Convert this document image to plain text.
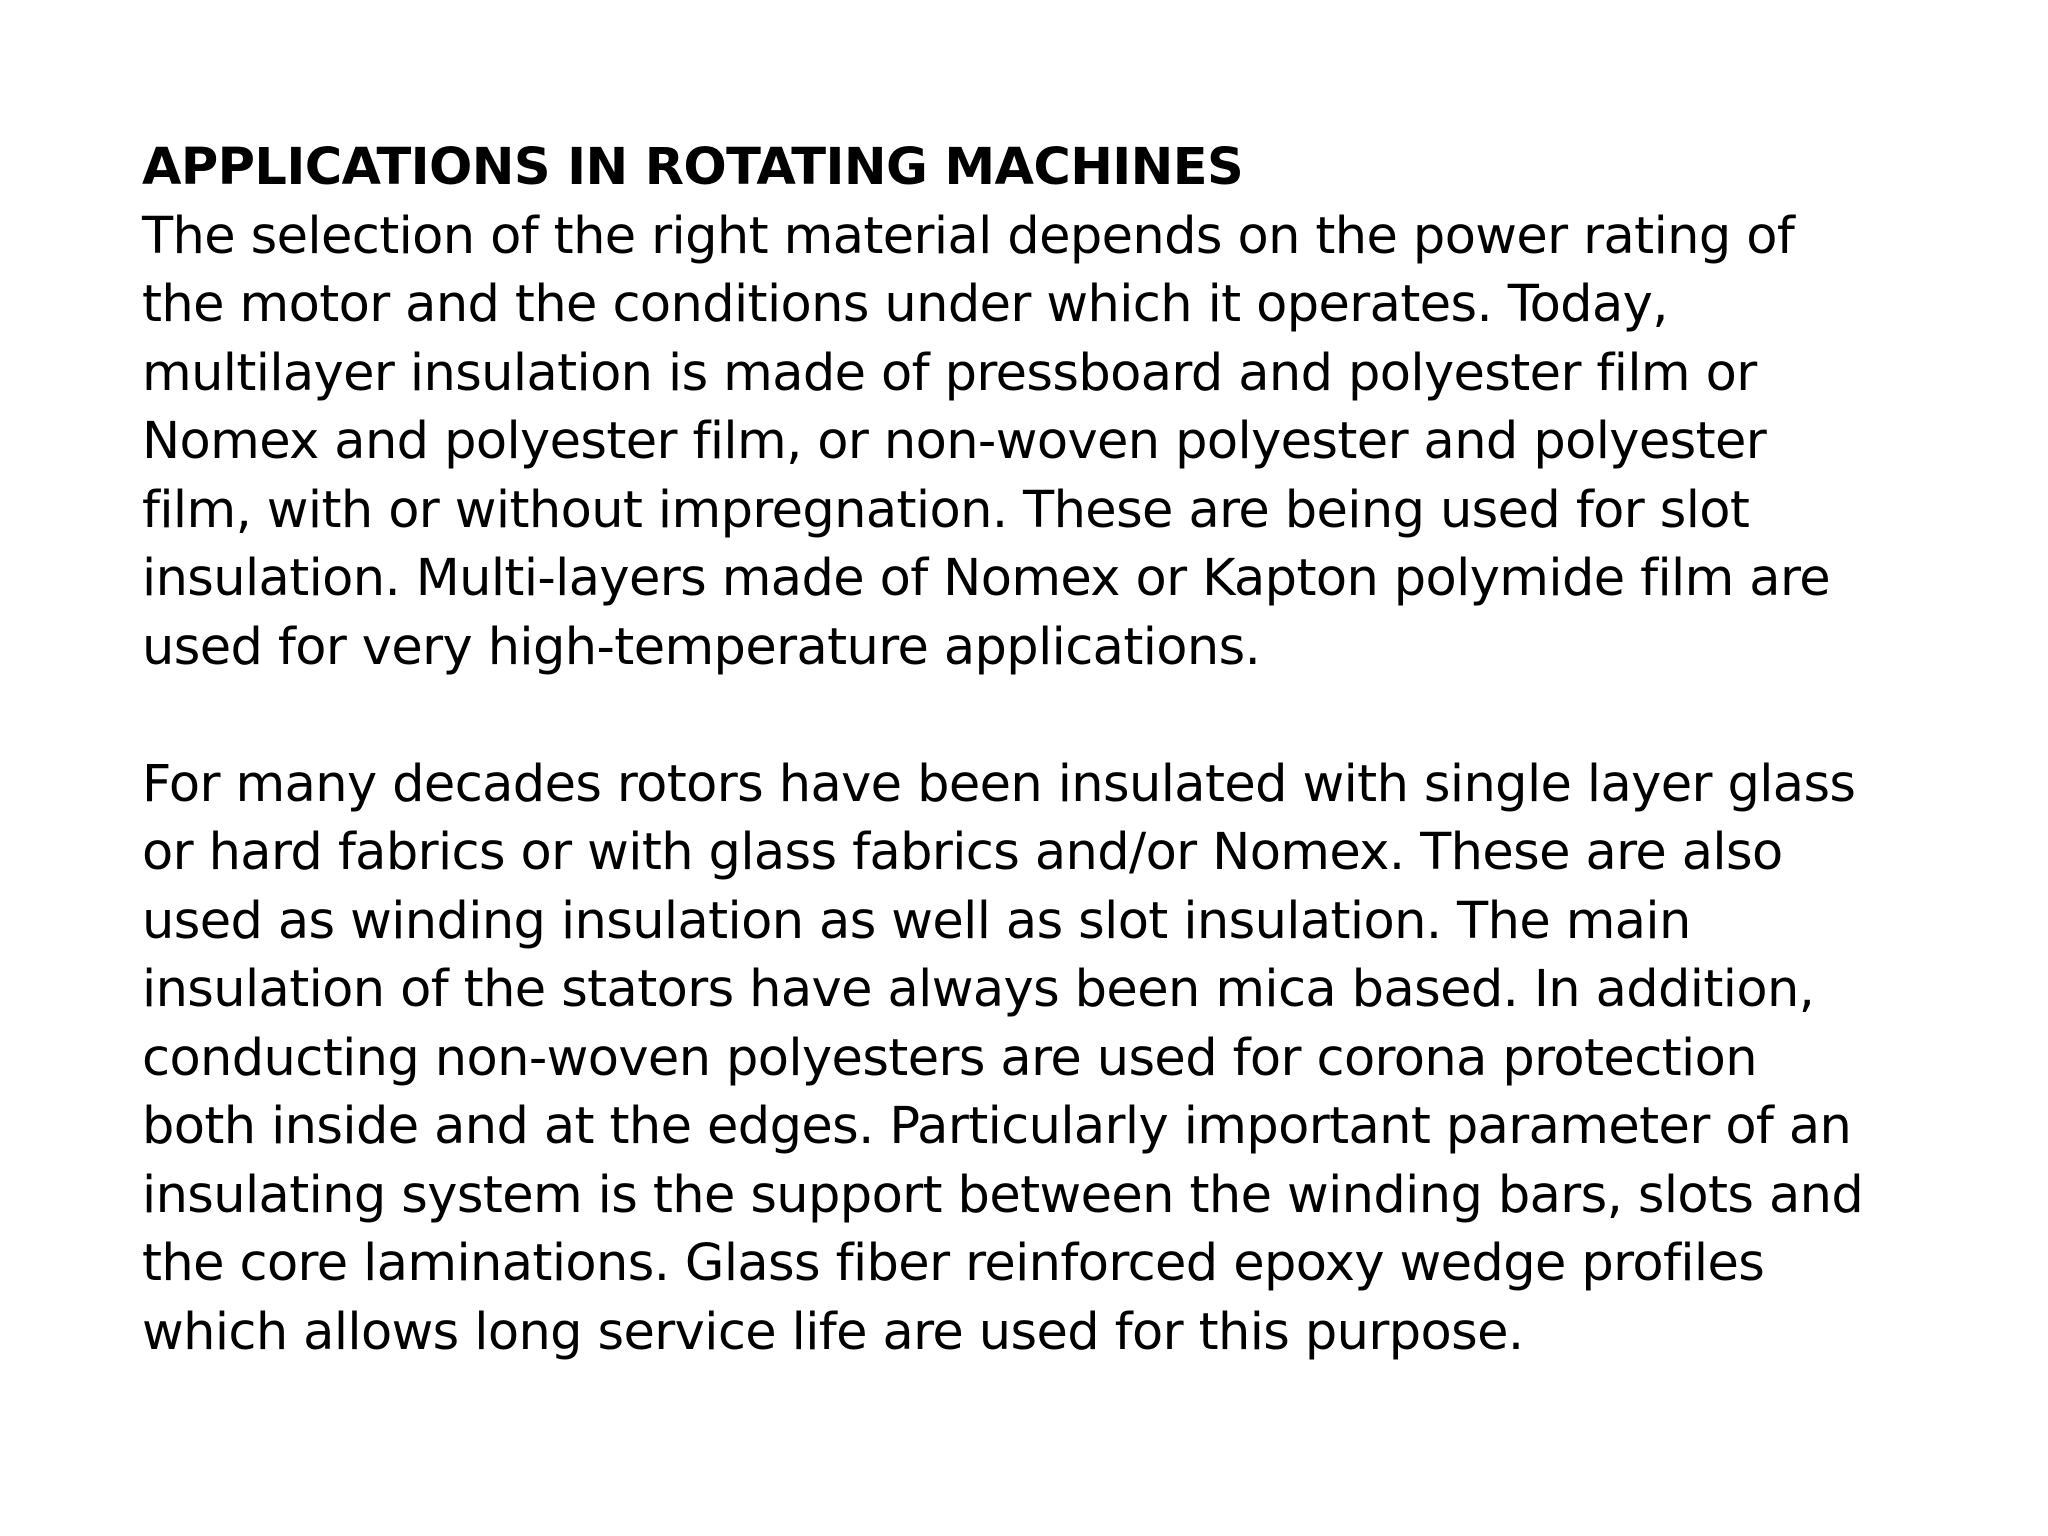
APPLICATIONS IN ROTATING MACHINES
The selection of the right material depends on the power rating of
the motor and the conditions under which it operates. Today,
multilayer insulation is made of pressboard and polyester film or
Nomex and polyester film, or non-woven polyester and polyester
film, with or without impregnation. These are being used for slot
insulation. Multi-layers made of Nomex or Kapton polymide film are
used for very high-temperature applications.
For many decades rotors have been insulated with single layer glass
or hard fabrics or with glass fabrics and/or Nomex. These are also
used as winding insulation as well as slot insulation. The main
insulation of the stators have always been mica based. In addition,
conducting non-woven polyesters are used for corona protection
both inside and at the edges. Particularly important parameter of an
insulating system is the support between the winding bars, slots and
the core laminations. Glass fiber reinforced epoxy wedge profiles
which allows long service life are used for this purpose.
